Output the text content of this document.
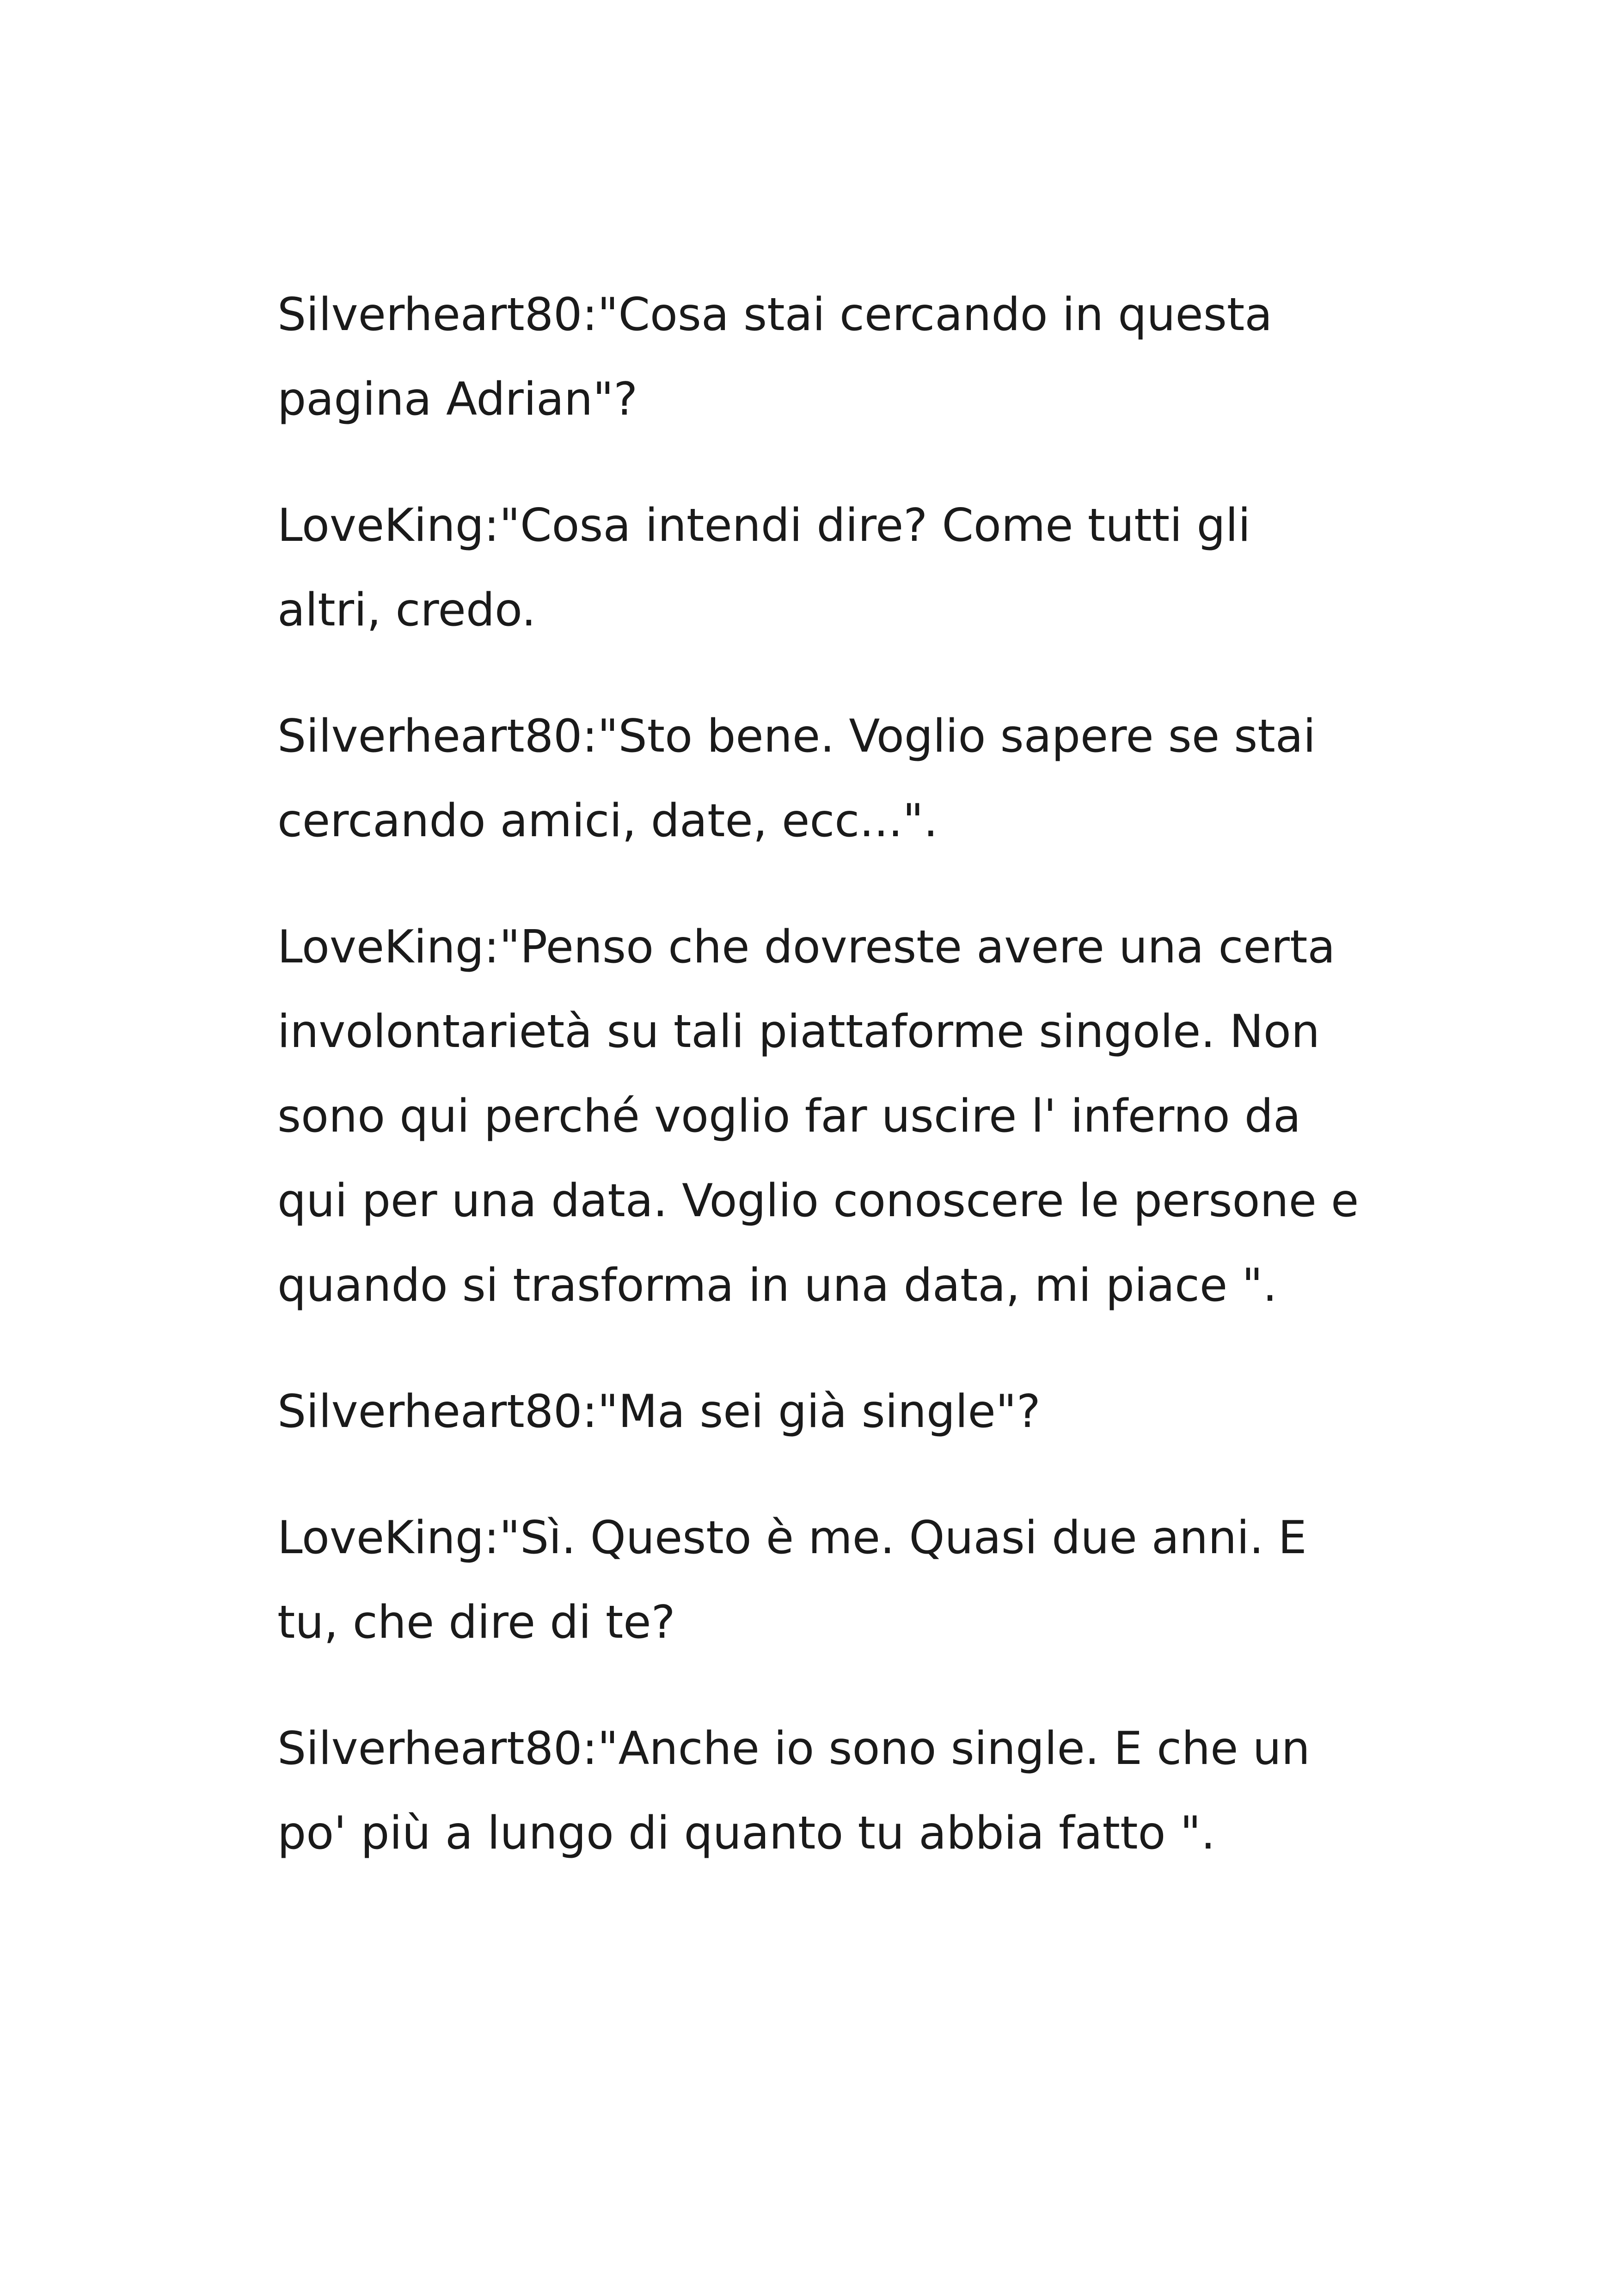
Silverheart80:"Cosa stai cercando in questa pagina Adrian"?

LoveKing:"Cosa intendi dire? Come tutti gli altri, credo.

Silverheart80:"Sto bene. Voglio sapere se stai cercando amici, date, ecc...".

LoveKing:"Penso che dovreste avere una certa involontarietà su tali piattaforme singole. Non sono qui perché voglio far uscire l' inferno da qui per una data. Voglio conoscere le persone e quando si trasforma in una data, mi piace ".

Silverheart80:"Ma sei già single"?

LoveKing:"Sì. Questo è me. Quasi due anni. E tu, che dire di te?

Silverheart80:"Anche io sono single. E che un po' più a lungo di quanto tu abbia fatto ".
